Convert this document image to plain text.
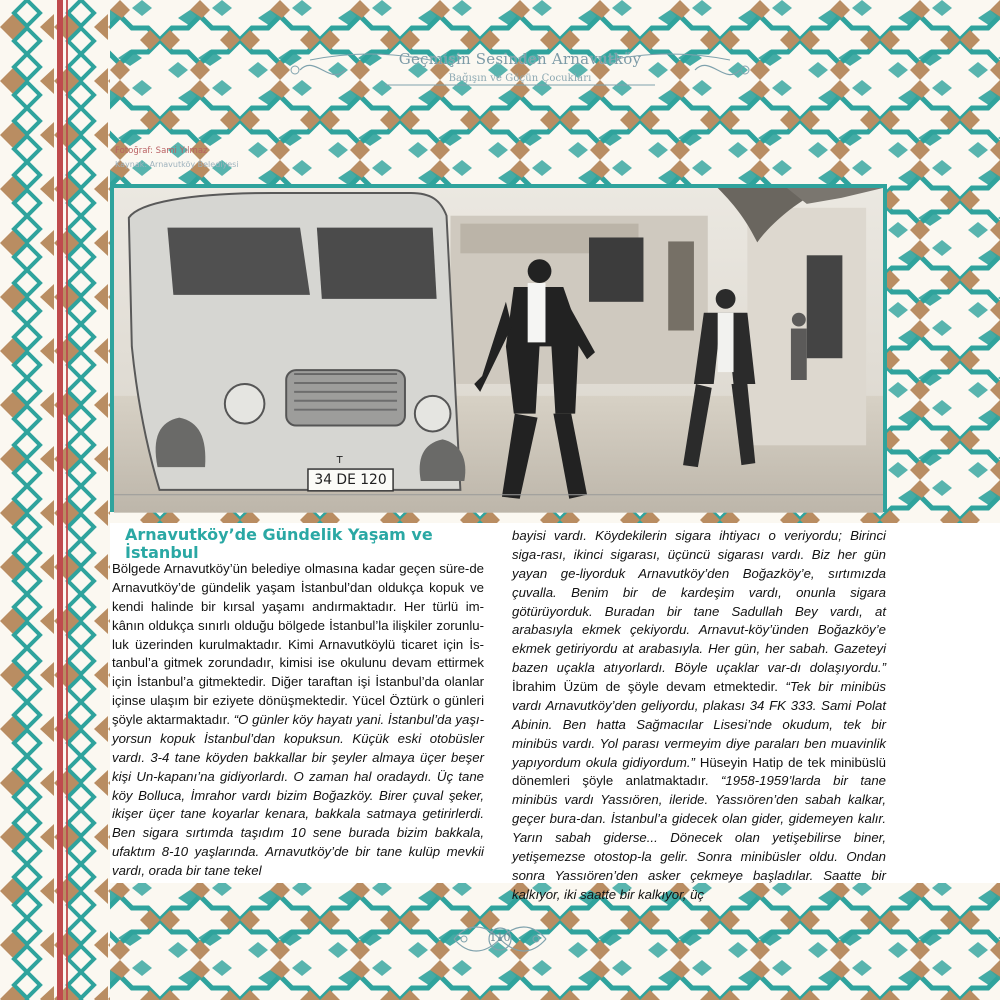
Geçmişin Sesinden Arnavutköy
Bağışın ve Göçün Çocukları
Fotoğraf: Sami Yılmaz
Kaynak: Arnavutköy Belediyesi
34 DE 120
T
Arnavutköy’de Gündelik Yaşam ve İstanbul

Bölgede Arnavutköy’ün belediye olmasına kadar geçen süre-de Arnavutköy’de gündelik yaşam İstanbul’dan oldukça kopuk ve kendi halinde bir kırsal yaşamı andırmaktadır. Her türlü im-kânın oldukça sınırlı olduğu bölgede İstanbul’la ilişkiler zorunlu-luk üzerinden kurulmaktadır. Kimi Arnavutköylü ticaret için İs-tanbul’a gitmek zorundadır, kimisi ise okulunu devam ettirmek için İstanbul’a gitmektedir. Diğer taraftan işi İstanbul’da olanlar içinse ulaşım bir eziyete dönüşmektedir. Yücel Öztürk o günleri şöyle aktarmaktadır. “O günler köy hayatı yani. İstanbul’da yaşı-yorsun kopuk İstanbul’dan kopuksun. Küçük eski otobüsler vardı. 3-4 tane köyden bakkallar bir şeyler almaya üçer beşer kişi Un-kapanı’na gidiyorlardı. O zaman hal oradaydı. Üç tane köy Bolluca, İmrahor vardı bizim Boğazköy. Birer çuval şeker, ikişer üçer tane koyarlar kenara, bakkala satmaya getirirlerdi. Ben sigara sırtımda taşıdım 10 sene burada bizim bakkala, ufaktım 8-10 yaşlarında. Arnavutköy’de bir tane kulüp mevkii vardı, orada bir tane tekel

bayisi vardı. Köydekilerin sigara ihtiyacı o veriyordu; Birinci siga-rası, ikinci sigarası, üçüncü sigarası vardı. Biz her gün yayan ge-liyorduk Arnavutköy’den Boğazköy’e, sırtımızda çuvalla. Benim bir de kardeşim vardı, onunla sigara götürüyorduk. Buradan bir tane Sadullah Bey vardı, at arabasıyla ekmek çekiyordu. Arnavut-köy’ünden Boğazköy’e ekmek getiriyordu at arabasıyla. Her gün, her sabah. Gazeteyi bazen uçakla atıyorlardı. Böyle uçaklar var-dı dolaşıyordu.” İbrahim Üzüm de şöyle devam etmektedir. “Tek bir minibüs vardı Arnavutköy’den geliyordu, plakası 34 FK 333. Sami Polat Abinin. Ben hatta Sağmacılar Lisesi’nde okudum, tek bir minibüs vardı. Yol parası vermeyim diye paraları ben muavinlik yapıyordum okula gidiyordum.” Hüseyin Hatip de tek minibüslü dönemleri şöyle anlatmaktadır. “1958-1959’larda bir tane minibüs vardı Yassıören, ileride. Yassıören’den sabah kalkar, geçer bura-dan. İstanbul’a gidecek olan gider, gidemeyen kalır. Yarın sabah giderse... Dönecek olan yetişebilirse biner, yetişemezse otostop-la gelir. Sonra minibüsler oldu. Ondan sonra Yassıören’den asker çekmeye başladılar. Saatte bir kalkıyor, iki saatte bir kalkıyor, üç

110
